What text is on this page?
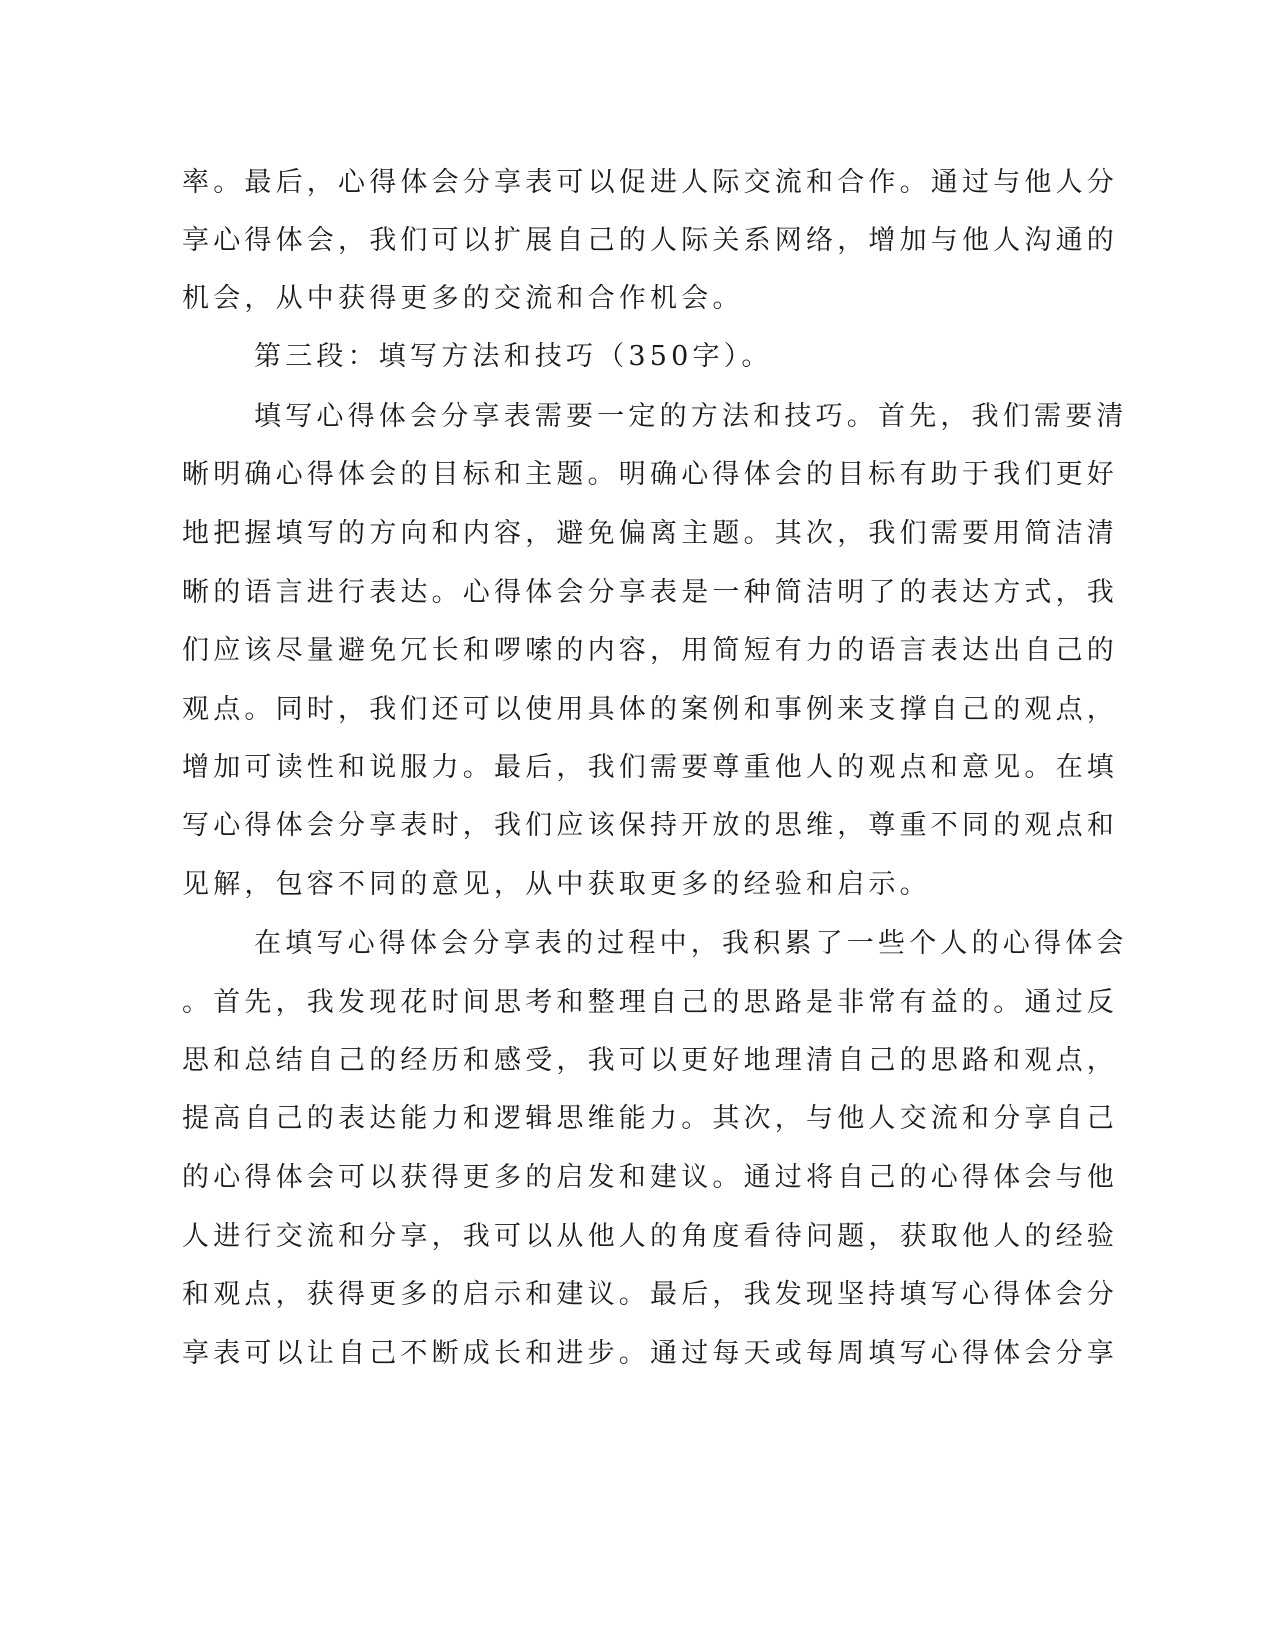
率。最后，心得体会分享表可以促进人际交流和合作。通过与他人分
享心得体会，我们可以扩展自己的人际关系网络，增加与他人沟通的
机会，从中获得更多的交流和合作机会。
第三段：填写方法和技巧（350字）。
填写心得体会分享表需要一定的方法和技巧。首先，我们需要清
晰明确心得体会的目标和主题。明确心得体会的目标有助于我们更好
地把握填写的方向和内容，避免偏离主题。其次，我们需要用简洁清
晰的语言进行表达。心得体会分享表是一种简洁明了的表达方式，我
们应该尽量避免冗长和啰嗦的内容，用简短有力的语言表达出自己的
观点。同时，我们还可以使用具体的案例和事例来支撑自己的观点，
增加可读性和说服力。最后，我们需要尊重他人的观点和意见。在填
写心得体会分享表时，我们应该保持开放的思维，尊重不同的观点和
见解，包容不同的意见，从中获取更多的经验和启示。
在填写心得体会分享表的过程中，我积累了一些个人的心得体会
。首先，我发现花时间思考和整理自己的思路是非常有益的。通过反
思和总结自己的经历和感受，我可以更好地理清自己的思路和观点，
提高自己的表达能力和逻辑思维能力。其次，与他人交流和分享自己
的心得体会可以获得更多的启发和建议。通过将自己的心得体会与他
人进行交流和分享，我可以从他人的角度看待问题，获取他人的经验
和观点，获得更多的启示和建议。最后，我发现坚持填写心得体会分
享表可以让自己不断成长和进步。通过每天或每周填写心得体会分享
